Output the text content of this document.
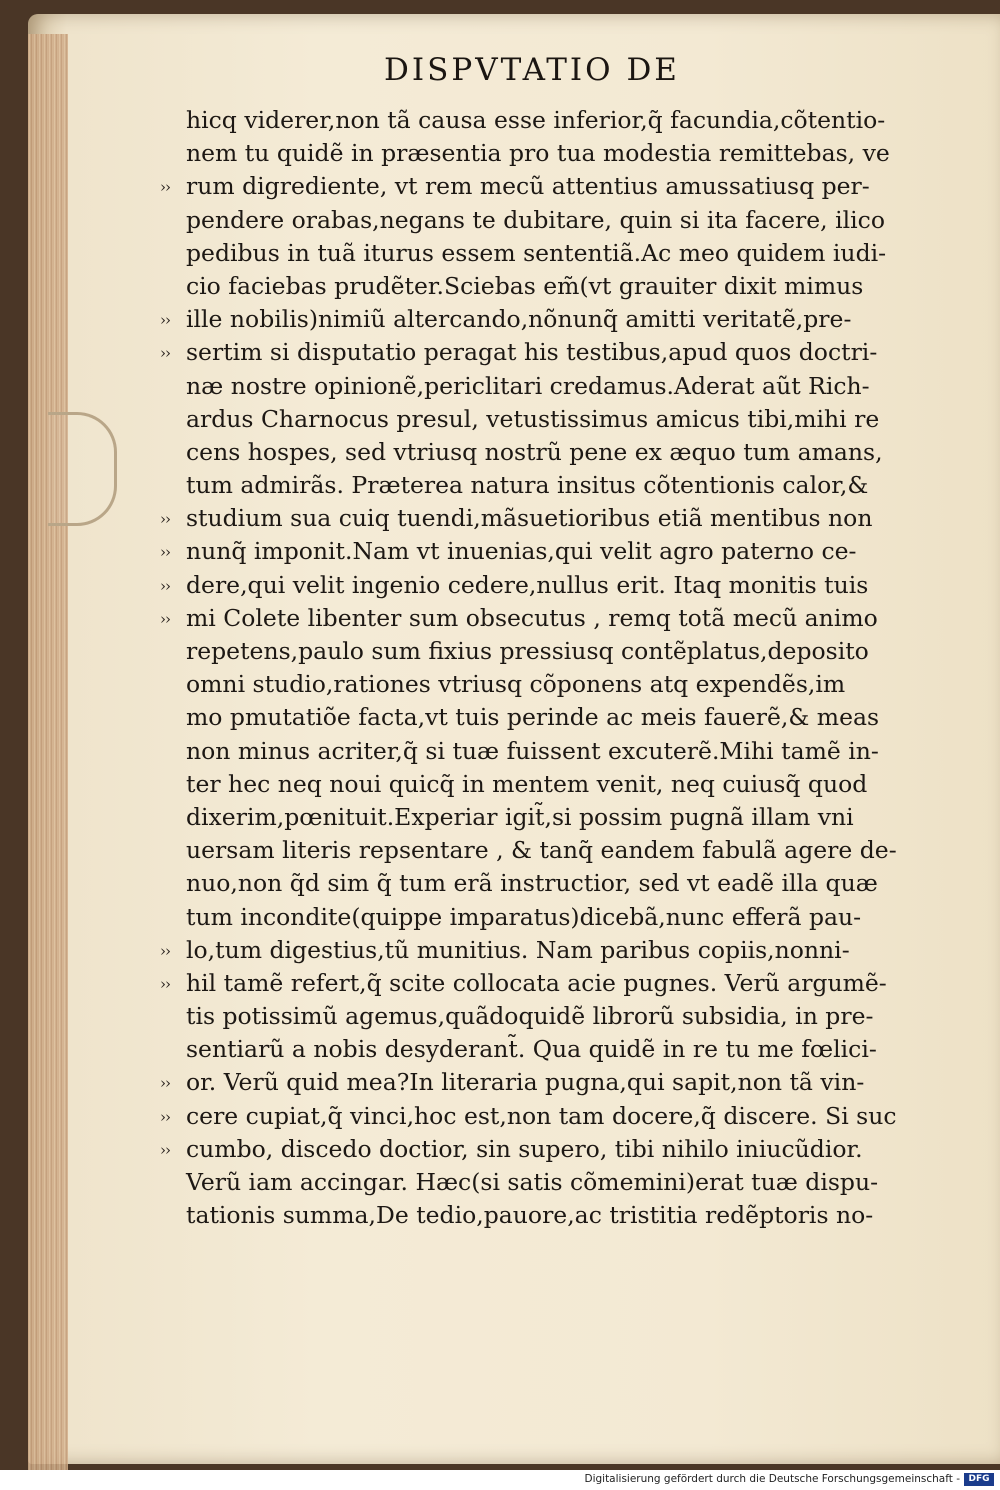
DISPVTATIO DE
hicq viderer,non tã causa esse inferior,q̃ facundia,cõtentio-
nem tu quidẽ in præsentia pro tua modestia remittebas, ve
›› rum digrediente, vt rem mecũ attentius amussatiusq per-
pendere orabas,negans te dubitare, quin si ita facere, ilico
pedibus in tuã iturus essem sententiã.Ac meo quidem iudi-
cio faciebas prudẽter.Sciebas em̃(vt grauiter dixit mimus
›› ille nobilis)nimiũ altercando,nõnunq̃ amitti veritatẽ,pre-
›› sertim si disputatio peragat his testibus,apud quos doctri-
næ nostre opinionẽ,periclitari credamus.Aderat aũt Rich-
ardus Charnocus presul, vetustissimus amicus tibi,mihi re
cens hospes, sed vtriusq nostrũ pene ex æquo tum amans,
tum admirãs. Præterea natura insitus cõtentionis calor,&
›› studium sua cuiq tuendi,mãsuetioribus etiã mentibus non
›› nunq̃ imponit.Nam vt inuenias,qui velit agro paterno ce-
›› dere,qui velit ingenio cedere,nullus erit. Itaq monitis tuis
›› mi Colete libenter sum obsecutus , remq totã mecũ animo
repetens,paulo sum fixius pressiusq contẽplatus,deposito
omni studio,rationes vtriusq cõponens atq expendẽs,im
mo pmutatiõe facta,vt tuis perinde ac meis fauerẽ,& meas
non minus acriter,q̃ si tuæ fuissent excuterẽ.Mihi tamẽ in-
ter hec neq noui quicq̃ in mentem venit, neq cuiusq̃ quod
dixerim,pœnituit.Experiar igit̃,si possim pugnã illam vni
uersam literis repsentare , & tanq̃ eandem fabulã agere de-
nuo,non q̃d sim q̃ tum erã instructior, sed vt eadẽ illa quæ
tum incondite(quippe imparatus)dicebã,nunc efferã pau-
›› lo,tum digestius,tũ munitius. Nam paribus copiis,nonni-
›› hil tamẽ refert,q̃ scite collocata acie pugnes. Verũ argumẽ-
tis potissimũ agemus,quãdoquidẽ librorũ subsidia, in pre-
sentiarũ a nobis desyderant̃. Qua quidẽ in re tu me fœlici-
›› or. Verũ quid mea?In literaria pugna,qui sapit,non tã vin-
›› cere cupiat,q̃ vinci,hoc est,non tam docere,q̃ discere. Si suc
›› cumbo, discedo doctior, sin supero, tibi nihilo iniucũdior.
Verũ iam accingar. Hæc(si satis cõmemini)erat tuæ dispu-
tationis summa,De tedio,pauore,ac tristitia redẽptoris no-
Digitalisierung gefördert durch die Deutsche Forschungsgemeinschaft - DFG
